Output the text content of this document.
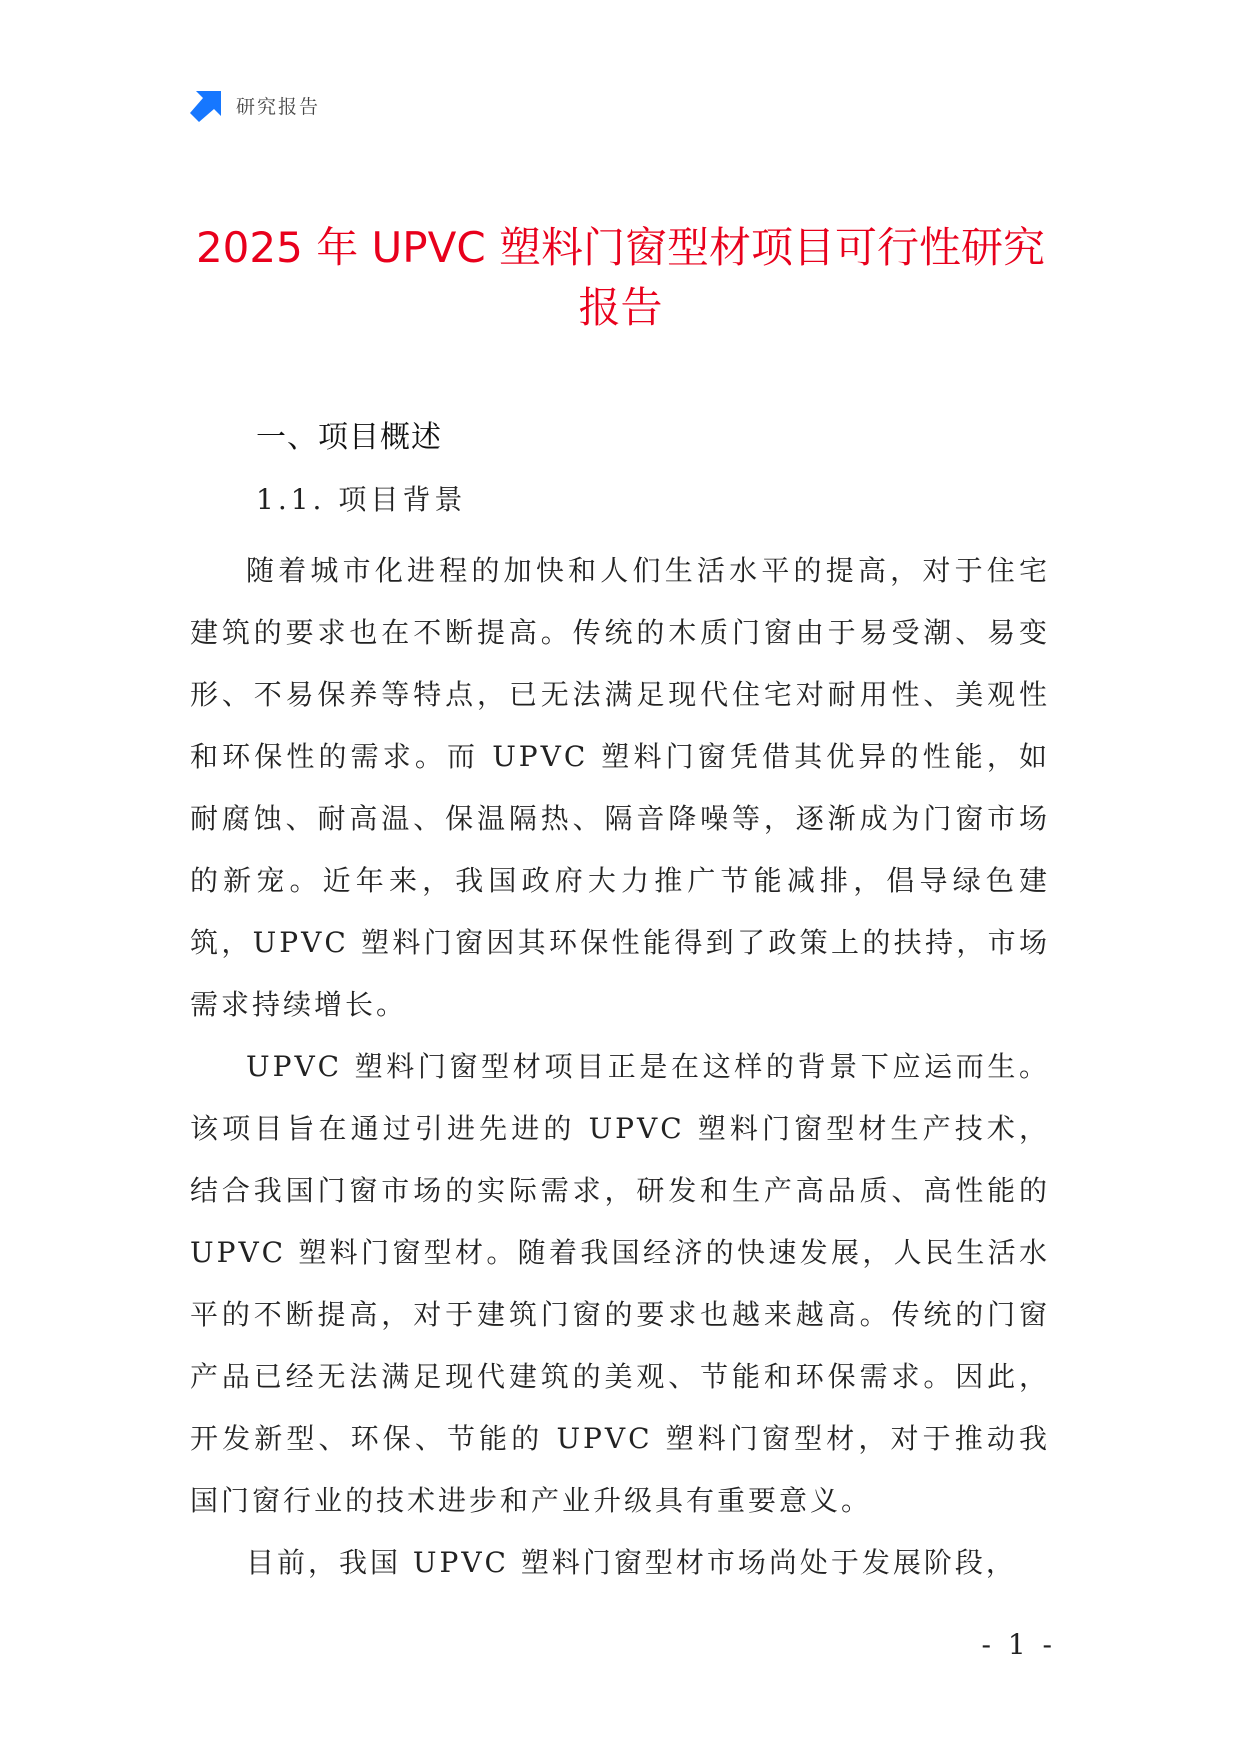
研究报告
2025 年 UPVC 塑料门窗型材项目可行性研究
报告
一、项目概述
1.1. 项目背景

随着城市化进程的加快和人们生活水平的提高，对于住宅建筑的要求也在不断提高。传统的木质门窗由于易受潮、易变形、不易保养等特点，已无法满足现代住宅对耐用性、美观性和环保性的需求。而 UPVC 塑料门窗凭借其优异的性能，如耐腐蚀、耐高温、保温隔热、隔音降噪等，逐渐成为门窗市场的新宠。近年来，我国政府大力推广节能减排，倡导绿色建筑，UPVC 塑料门窗因其环保性能得到了政策上的扶持，市场需求持续增长。

UPVC 塑料门窗型材项目正是在这样的背景下应运而生。该项目旨在通过引进先进的 UPVC 塑料门窗型材生产技术，结合我国门窗市场的实际需求，研发和生产高品质、高性能的 UPVC 塑料门窗型材。随着我国经济的快速发展，人民生活水平的不断提高，对于建筑门窗的要求也越来越高。传统的门窗产品已经无法满足现代建筑的美观、节能和环保需求。因此，开发新型、环保、节能的 UPVC 塑料门窗型材，对于推动我国门窗行业的技术进步和产业升级具有重要意义。

目前，我国 UPVC 塑料门窗型材市场尚处于发展阶段，

- 1 -
